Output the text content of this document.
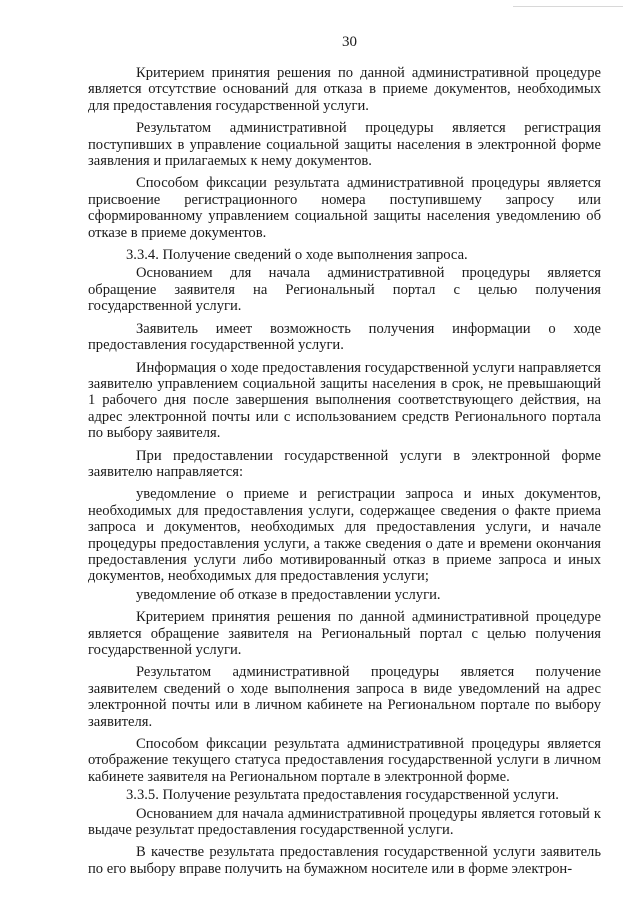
30

Критерием принятия решения по данной административной процедуре является отсутствие оснований для отказа в приеме документов, необходимых для предоставления государственной услуги.

Результатом административной процедуры является регистрация поступивших в управление социальной защиты населения в электронной форме заявления и прилагаемых к нему документов.

Способом фиксации результата административной процедуры является присвоение регистрационного номера поступившему запросу или сформированному управлением социальной защиты населения уведомлению об отказе в приеме документов.

3.3.4. Получение сведений о ходе выполнения запроса.

Основанием для начала административной процедуры является обращение заявителя на Региональный портал с целью получения государственной услуги.

Заявитель имеет возможность получения информации о ходе предоставления государственной услуги.

Информация о ходе предоставления государственной услуги направляется заявителю управлением социальной защиты населения в срок, не превышающий 1 рабочего дня после завершения выполнения соответствующего действия, на адрес электронной почты или с использованием средств Регионального портала по выбору заявителя.

При предоставлении государственной услуги в электронной форме заявителю направляется:

уведомление о приеме и регистрации запроса и иных документов, необходимых для предоставления услуги, содержащее сведения о факте приема запроса и документов, необходимых для предоставления услуги, и начале процедуры предоставления услуги, а также сведения о дате и времени окончания предоставления услуги либо мотивированный отказ в приеме запроса и иных документов, необходимых для предоставления услуги;

уведомление об отказе в предоставлении услуги.

Критерием принятия решения по данной административной процедуре является обращение заявителя на Региональный портал с целью получения государственной услуги.

Результатом административной процедуры является получение заявителем сведений о ходе выполнения запроса в виде уведомлений на адрес электронной почты или в личном кабинете на Региональном портале по выбору заявителя.

Способом фиксации результата административной процедуры является отображение текущего статуса предоставления государственной услуги в личном кабинете заявителя на Региональном портале в электронной форме.

3.3.5. Получение результата предоставления государственной услуги.

Основанием для начала административной процедуры является готовый к выдаче результат предоставления государственной услуги.

В качестве результата предоставления государственной услуги заявитель по его выбору вправе получить на бумажном носителе или в форме электрон-
